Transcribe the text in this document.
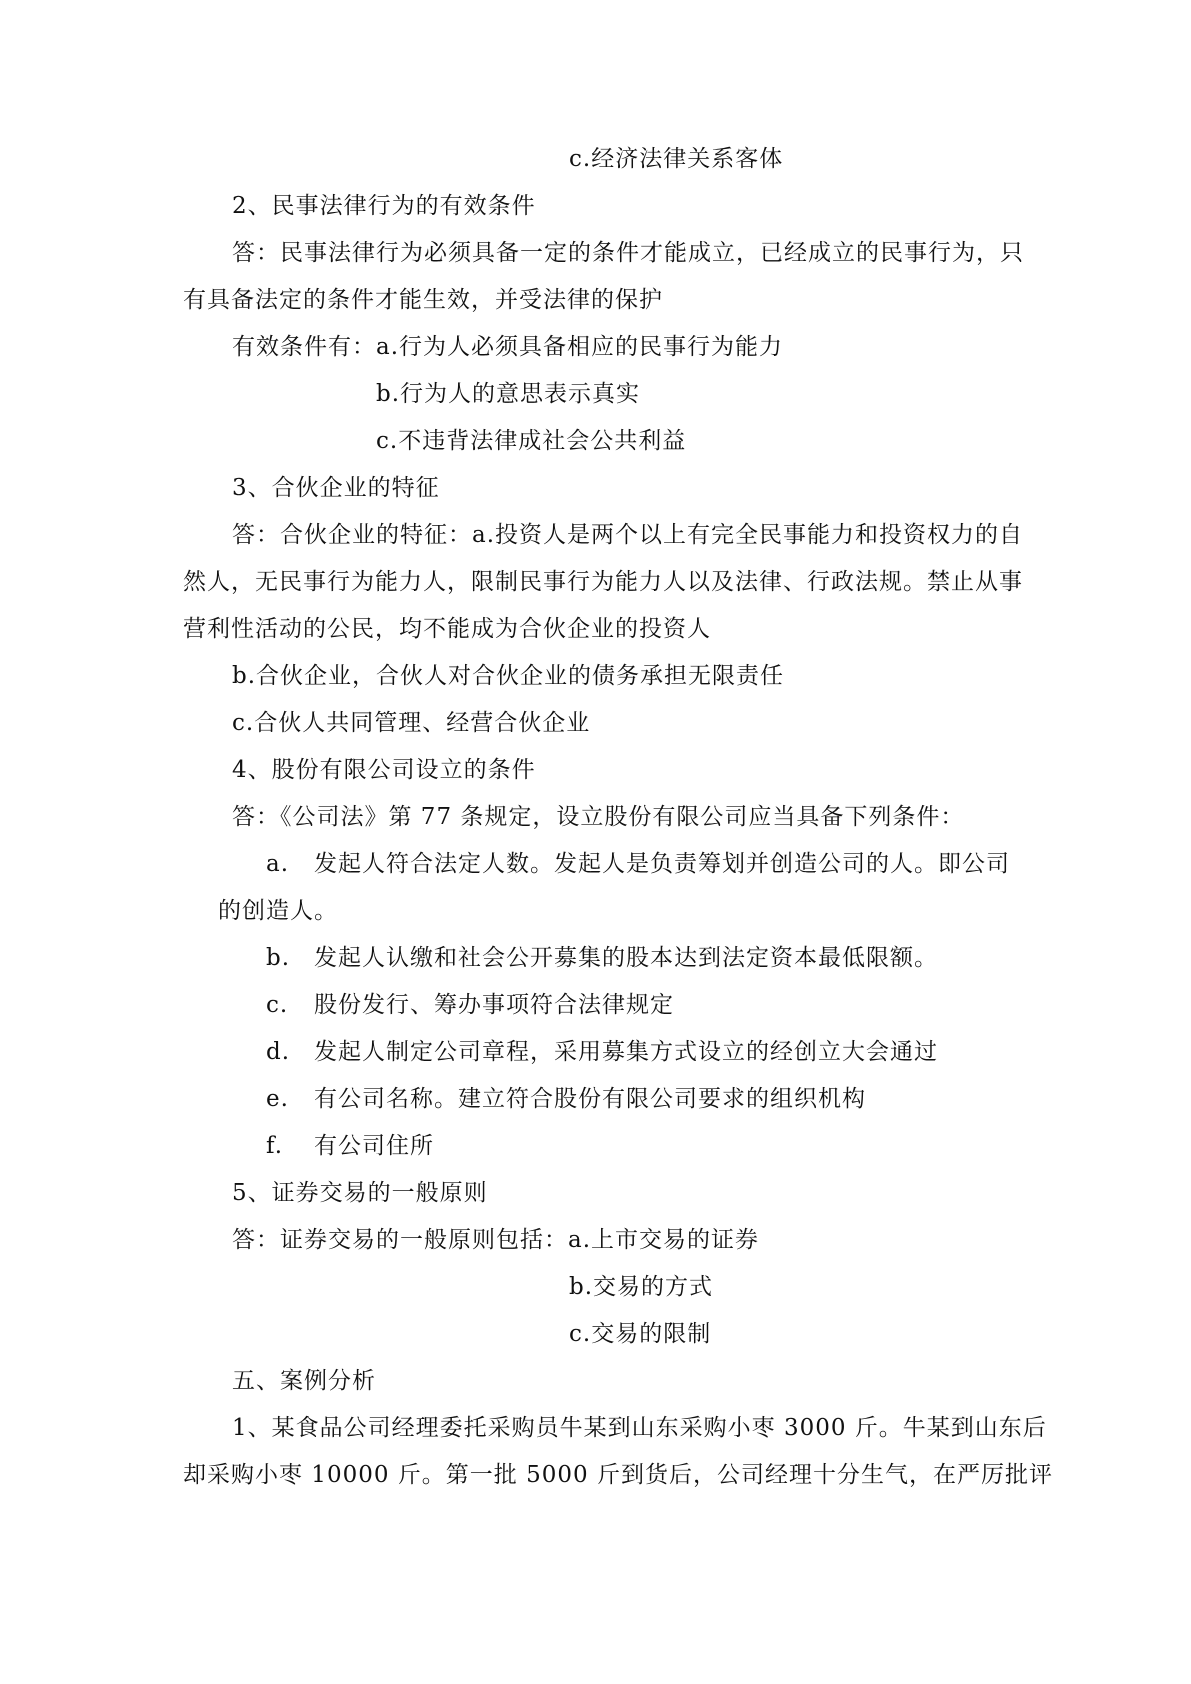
c.经济法律关系客体
2、民事法律行为的有效条件
答：民事法律行为必须具备一定的条件才能成立，已经成立的民事行为，只
有具备法定的条件才能生效，并受法律的保护
有效条件有：a.行为人必须具备相应的民事行为能力
b.行为人的意思表示真实
c.不违背法律成社会公共利益
3、合伙企业的特征
答：合伙企业的特征：a.投资人是两个以上有完全民事能力和投资权力的自
然人，无民事行为能力人，限制民事行为能力人以及法律、行政法规。禁止从事
营利性活动的公民，均不能成为合伙企业的投资人
b.合伙企业，合伙人对合伙企业的债务承担无限责任
c.合伙人共同管理、经营合伙企业
4、股份有限公司设立的条件
答：《公司法》第 77 条规定，设立股份有限公司应当具备下列条件：
a. 发起人符合法定人数。发起人是负责筹划并创造公司的人。即公司
的创造人。
b. 发起人认缴和社会公开募集的股本达到法定资本最低限额。
c. 股份发行、筹办事项符合法律规定
d. 发起人制定公司章程，采用募集方式设立的经创立大会通过
e. 有公司名称。建立符合股份有限公司要求的组织机构
f. 有公司住所
5、证券交易的一般原则
答：证券交易的一般原则包括：a.上市交易的证券
b.交易的方式
c.交易的限制
五、案例分析
1、某食品公司经理委托采购员牛某到山东采购小枣 3000 斤。牛某到山东后
却采购小枣 10000 斤。第一批 5000 斤到货后，公司经理十分生气，在严厉批评
